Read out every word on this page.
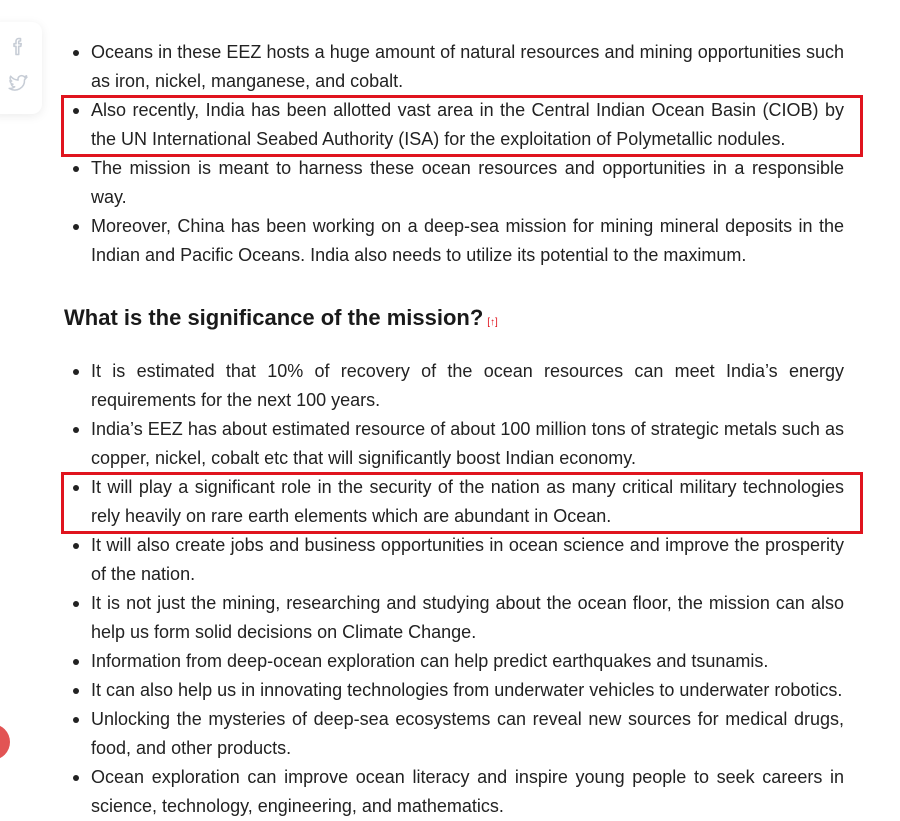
Oceans in these EEZ hosts a huge amount of natural resources and mining opportunities such as iron, nickel, manganese, and cobalt.
Also recently, India has been allotted vast area in the Central Indian Ocean Basin (CIOB) by the UN International Seabed Authority (ISA) for the exploitation of Polymetallic nodules.
The mission is meant to harness these ocean resources and opportunities in a responsible way.
Moreover, China has been working on a deep-sea mission for mining mineral deposits in the Indian and Pacific Oceans. India also needs to utilize its potential to the maximum.
What is the significance of the mission? [↑]
It is estimated that 10% of recovery of the ocean resources can meet India’s energy requirements for the next 100 years.
India’s EEZ has about estimated resource of about 100 million tons of strategic metals such as copper, nickel, cobalt etc that will significantly boost Indian economy.
It will play a significant role in the security of the nation as many critical military technologies rely heavily on rare earth elements which are abundant in Ocean.
It will also create jobs and business opportunities in ocean science and improve the prosperity of the nation.
It is not just the mining, researching and studying about the ocean floor, the mission can also help us form solid decisions on Climate Change.
Information from deep-ocean exploration can help predict earthquakes and tsunamis.
It can also help us in innovating technologies from underwater vehicles to underwater robotics.
Unlocking the mysteries of deep-sea ecosystems can reveal new sources for medical drugs, food, and other products.
Ocean exploration can improve ocean literacy and inspire young people to seek careers in science, technology, engineering, and mathematics.
